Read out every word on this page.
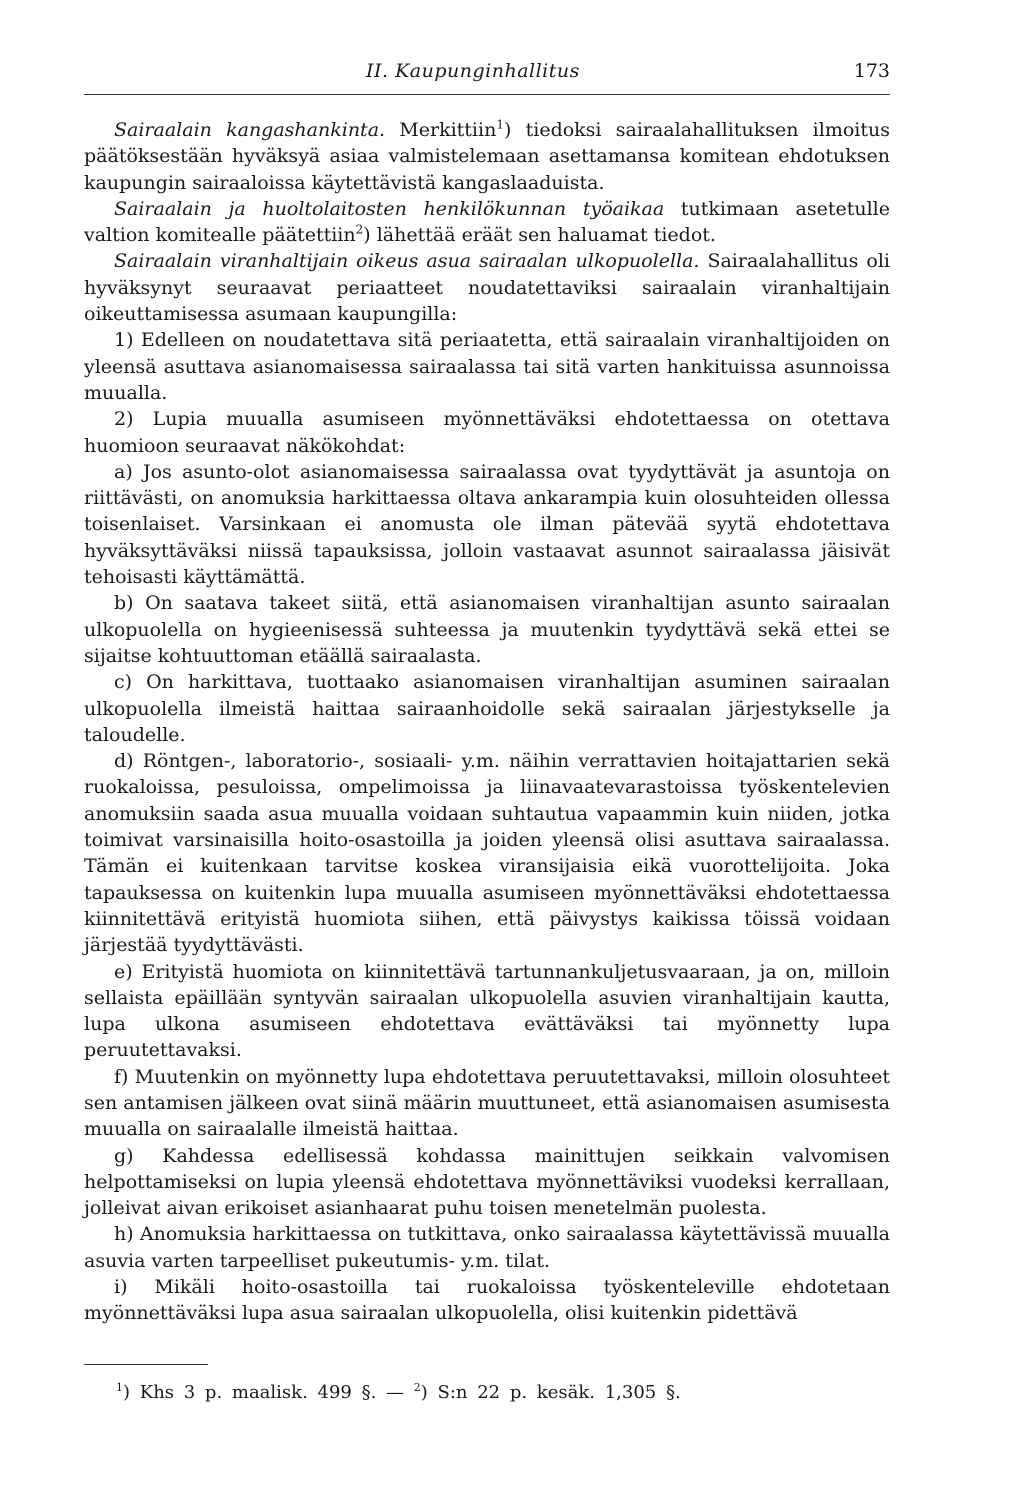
II. Kaupunginhallitus	173

Sairaalain kangashankinta. Merkittiin$^1$) tiedoksi sairaalahallituksen ilmoitus päätöksestään hyväksyä asiaa valmistelemaan asettamansa komitean ehdotuksen kaupungin sairaaloissa käytettävistä kangaslaaduista.

Sairaalain ja huoltolaitosten henkilökunnan työaikaa tutkimaan asetetulle valtion komitealle päätettiin$^2$) lähettää eräät sen haluamat tiedot.

Sairaalain viranhaltijain oikeus asua sairaalan ulkopuolella. Sairaalahallitus oli hyväksynyt seuraavat periaatteet noudatettaviksi sairaalain viranhaltijain oikeuttamisessa asumaan kaupungilla:

1) Edelleen on noudatettava sitä periaatetta, että sairaalain viranhaltijoiden on yleensä asuttava asianomaisessa sairaalassa tai sitä varten hankituissa asunnoissa muualla.

2) Lupia muualla asumiseen myönnettäväksi ehdotettaessa on otettava huomioon seuraavat näkökohdat:

a) Jos asunto-olot asianomaisessa sairaalassa ovat tyydyttävät ja asuntoja on riittävästi, on anomuksia harkittaessa oltava ankarampia kuin olosuhteiden ollessa toisenlaiset. Varsinkaan ei anomusta ole ilman pätevää syytä ehdotettava hyväksyttäväksi niissä tapauksissa, jolloin vastaavat asunnot sairaalassa jäisivät tehoisasti käyttämättä.

b) On saatava takeet siitä, että asianomaisen viranhaltijan asunto sairaalan ulkopuolella on hygieenisessä suhteessa ja muutenkin tyydyttävä sekä ettei se sijaitse kohtuuttoman etäällä sairaalasta.

c) On harkittava, tuottaako asianomaisen viranhaltijan asuminen sairaalan ulkopuolella ilmeistä haittaa sairaanhoidolle sekä sairaalan järjestykselle ja taloudelle.

d) Röntgen-, laboratorio-, sosiaali- y.m. näihin verrattavien hoitajattarien sekä ruokaloissa, pesuloissa, ompelimoissa ja liinavaatevarastoissa työskentelevien anomuksiin saada asua muualla voidaan suhtautua vapaammin kuin niiden, jotka toimivat varsinaisilla hoito-osastoilla ja joiden yleensä olisi asuttava sairaalassa. Tämän ei kuitenkaan tarvitse koskea viransijaisia eikä vuorottelijoita. Joka tapauksessa on kuitenkin lupa muualla asumiseen myönnettäväksi ehdotettaessa kiinnitettävä erityistä huomiota siihen, että päivystys kaikissa töissä voidaan järjestää tyydyttävästi.

e) Erityistä huomiota on kiinnitettävä tartunnankuljetusvaaraan, ja on, milloin sellaista epäillään syntyvän sairaalan ulkopuolella asuvien viranhaltijain kautta, lupa ulkona asumiseen ehdotettava evättäväksi tai myönnetty lupa peruutettavaksi.

f) Muutenkin on myönnetty lupa ehdotettava peruutettavaksi, milloin olosuhteet sen antamisen jälkeen ovat siinä määrin muuttuneet, että asianomaisen asumisesta muualla on sairaalalle ilmeistä haittaa.

g) Kahdessa edellisessä kohdassa mainittujen seikkain valvomisen helpottamiseksi on lupia yleensä ehdotettava myönnettäviksi vuodeksi kerrallaan, jolleivat aivan erikoiset asianhaarat puhu toisen menetelmän puolesta.

h) Anomuksia harkittaessa on tutkittava, onko sairaalassa käytettävissä muualla asuvia varten tarpeelliset pukeutumis- y.m. tilat.

i) Mikäli hoito-osastoilla tai ruokaloissa työskenteleville ehdotetaan myönnettäväksi lupa asua sairaalan ulkopuolella, olisi kuitenkin pidettävä

$^1$) Khs 3 p. maalisk. 499 §. — $^2$) S:n 22 p. kesäk. 1,305 §.
